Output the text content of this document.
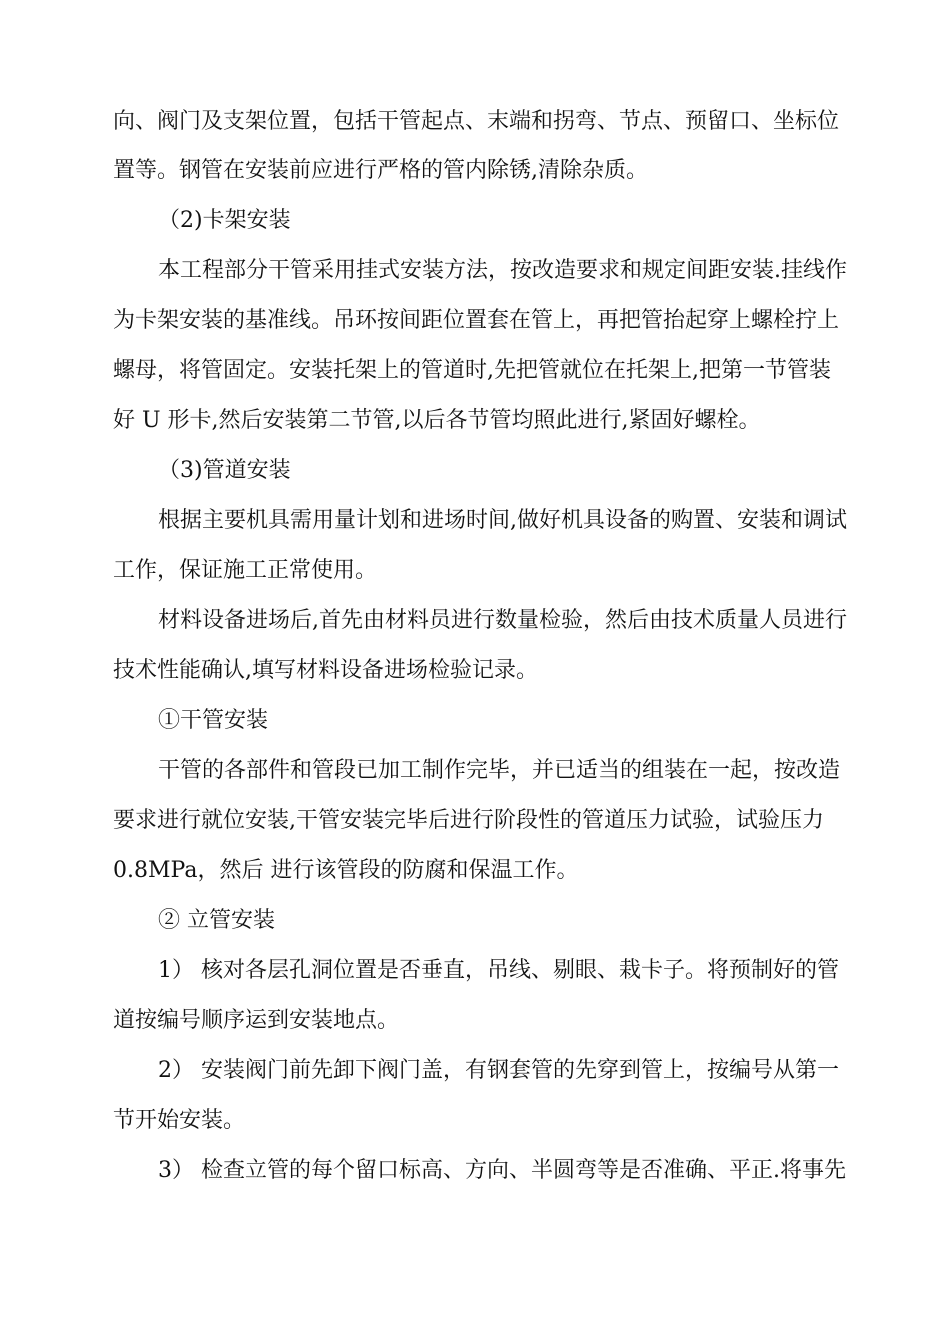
向、阀门及支架位置，包括干管起点、末端和拐弯、节点、预留口、坐标位
置等。钢管在安装前应进行严格的管内除锈,清除杂质。
（2)卡架安装
本工程部分干管采用挂式安装方法，按改造要求和规定间距安装.挂线作
为卡架安装的基准线。吊环按间距位置套在管上，再把管抬起穿上螺栓拧上
螺母，将管固定。安装托架上的管道时,先把管就位在托架上,把第一节管装
好 U 形卡,然后安装第二节管,以后各节管均照此进行,紧固好螺栓。
（3)管道安装
根据主要机具需用量计划和进场时间,做好机具设备的购置、安装和调试
工作，保证施工正常使用。
材料设备进场后,首先由材料员进行数量检验，然后由技术质量人员进行
技术性能确认,填写材料设备进场检验记录。
①干管安装
干管的各部件和管段已加工制作完毕，并已适当的组装在一起，按改造
要求进行就位安装,干管安装完毕后进行阶段性的管道压力试验，试验压力
0.8MPa，然后 进行该管段的防腐和保温工作。
② 立管安装
1） 核对各层孔洞位置是否垂直，吊线、剔眼、栽卡子。将预制好的管
道按编号顺序运到安装地点。
2） 安装阀门前先卸下阀门盖，有钢套管的先穿到管上，按编号从第一
节开始安装。
3） 检查立管的每个留口标高、方向、半圆弯等是否准确、平正.将事先
